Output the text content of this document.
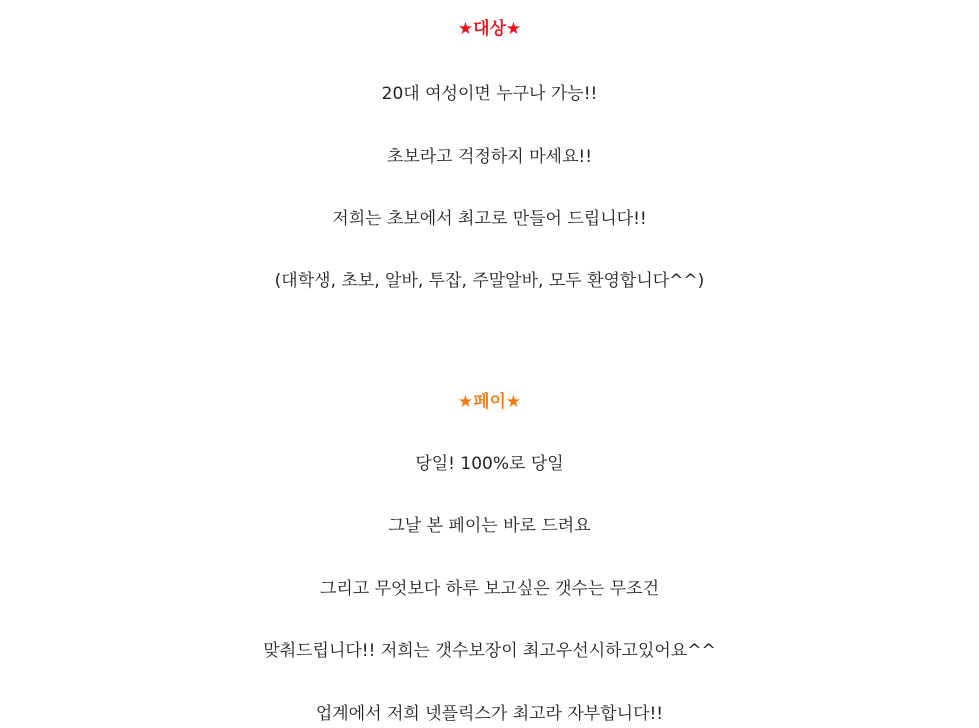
★대상★
20대 여성이면 누구나 가능!!
초보라고 걱정하지 마세요!!
저희는 초보에서 최고로 만들어 드립니다!!
(대학생, 초보, 알바, 투잡, 주말알바, 모두 환영합니다^^)
★페이★
당일! 100%로 당일
그날 본 페이는 바로 드려요
그리고 무엇보다 하루 보고싶은 갯수는 무조건
맞춰드립니다!! 저희는 갯수보장이 최고우선시하고있어요^^
업계에서 저희 넷플릭스가 최고라 자부합니다!!
